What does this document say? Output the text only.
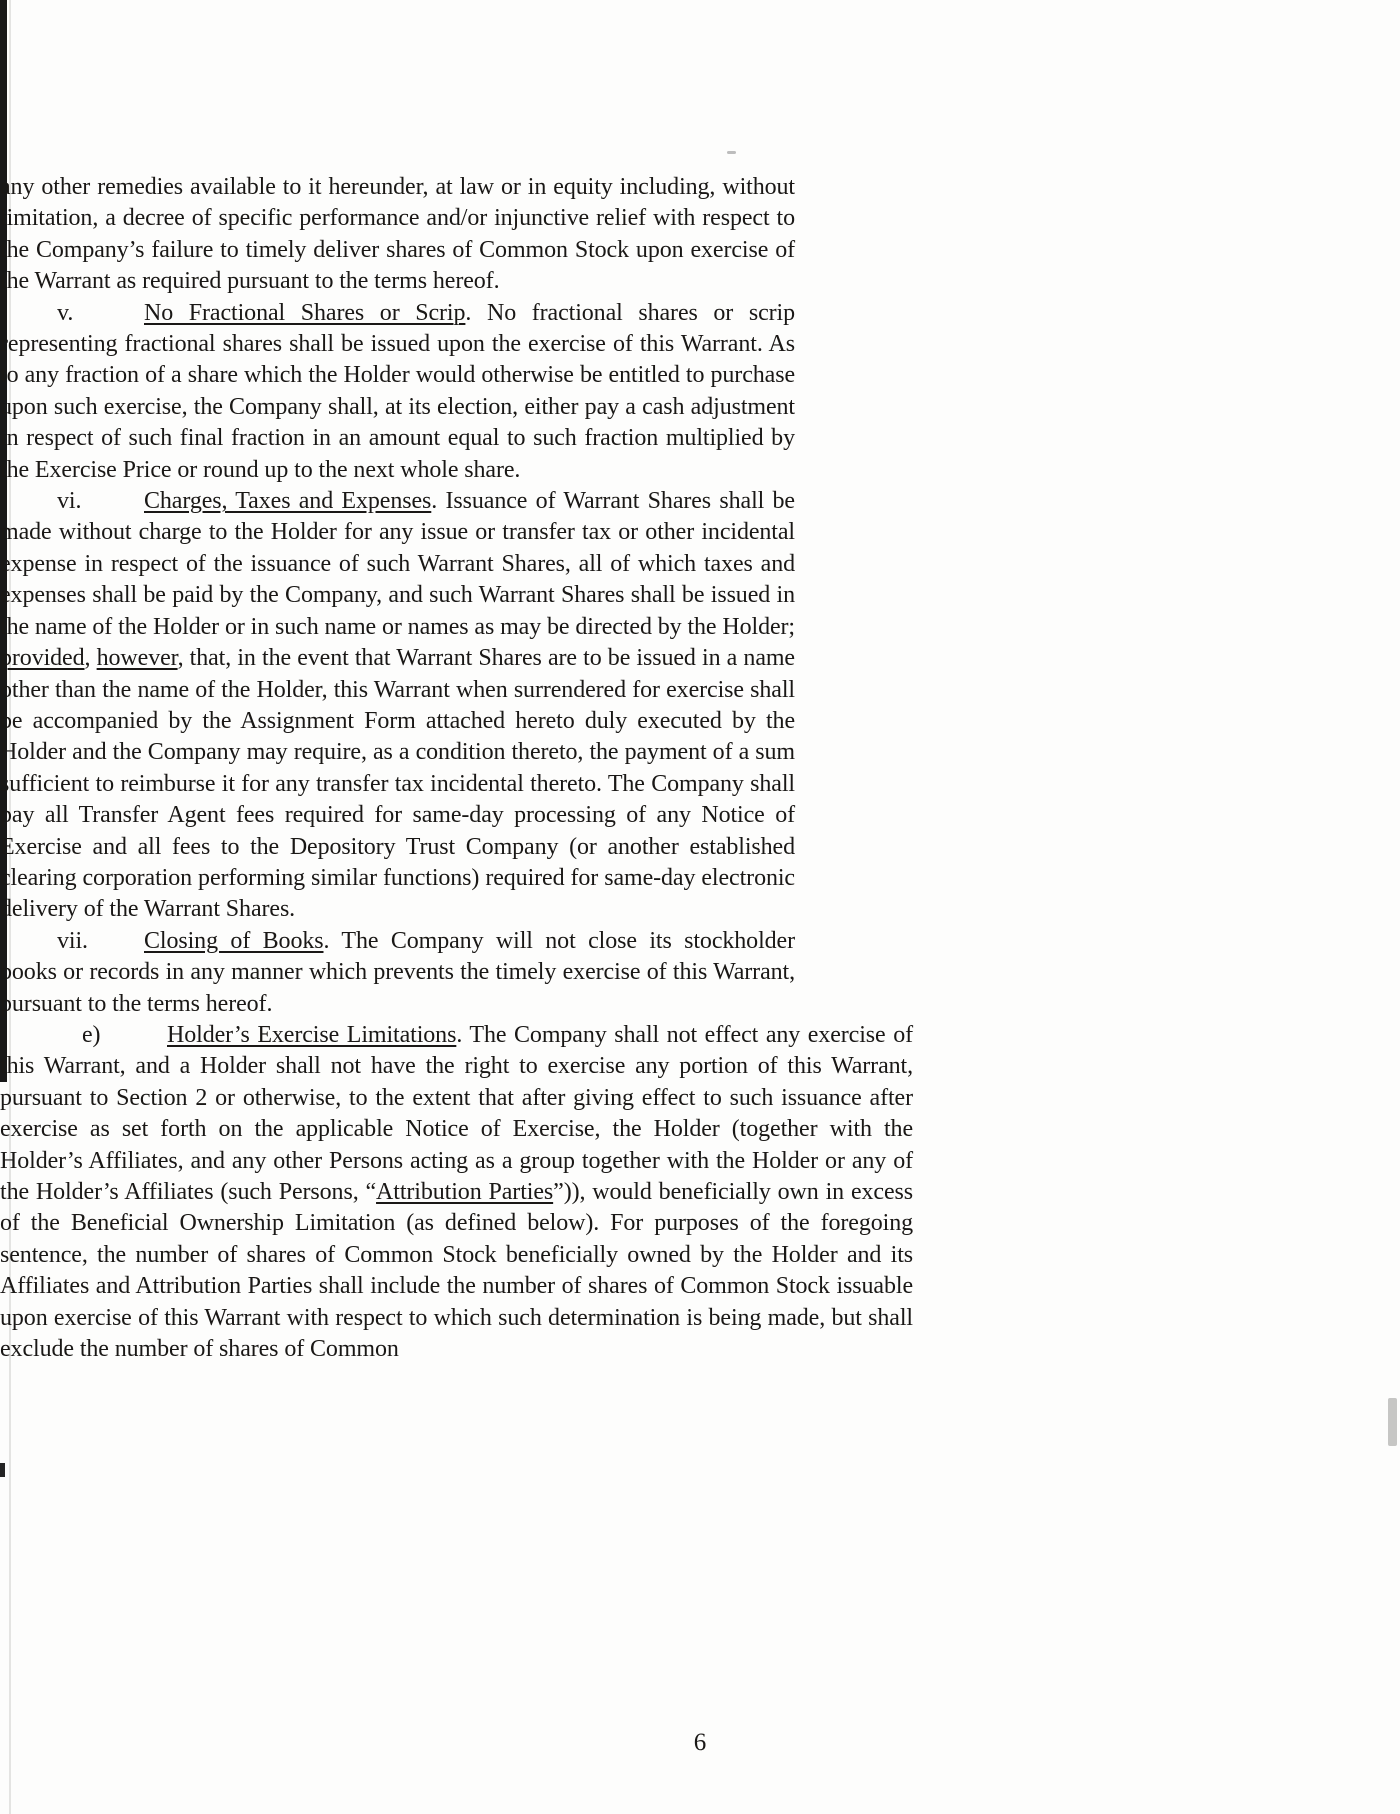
any other remedies available to it hereunder, at law or in equity including, without limitation, a decree of specific performance and/or injunctive relief with respect to the Company’s failure to timely deliver shares of Common Stock upon exercise of the Warrant as required pursuant to the terms hereof.

v.	No Fractional Shares or Scrip. No fractional shares or scrip representing fractional shares shall be issued upon the exercise of this Warrant. As to any fraction of a share which the Holder would otherwise be entitled to purchase upon such exercise, the Company shall, at its election, either pay a cash adjustment in respect of such final fraction in an amount equal to such fraction multiplied by the Exercise Price or round up to the next whole share.

vi.	Charges, Taxes and Expenses. Issuance of Warrant Shares shall be made without charge to the Holder for any issue or transfer tax or other incidental expense in respect of the issuance of such Warrant Shares, all of which taxes and expenses shall be paid by the Company, and such Warrant Shares shall be issued in the name of the Holder or in such name or names as may be directed by the Holder; provided, however, that, in the event that Warrant Shares are to be issued in a name other than the name of the Holder, this Warrant when surrendered for exercise shall be accompanied by the Assignment Form attached hereto duly executed by the Holder and the Company may require, as a condition thereto, the payment of a sum sufficient to reimburse it for any transfer tax incidental thereto. The Company shall pay all Transfer Agent fees required for same-day processing of any Notice of Exercise and all fees to the Depository Trust Company (or another established clearing corporation performing similar functions) required for same-day electronic delivery of the Warrant Shares.

vii. Closing of Books. The Company will not close its stockholder books or records in any manner which prevents the timely exercise of this Warrant, pursuant to the terms hereof.

e)	Holder’s Exercise Limitations. The Company shall not effect any exercise of this Warrant, and a Holder shall not have the right to exercise any portion of this Warrant, pursuant to Section 2 or otherwise, to the extent that after giving effect to such issuance after exercise as set forth on the applicable Notice of Exercise, the Holder (together with the Holder’s Affiliates, and any other Persons acting as a group together with the Holder or any of the Holder’s Affiliates (such Persons, “Attribution Parties”)), would beneficially own in excess of the Beneficial Ownership Limitation (as defined below). For purposes of the foregoing sentence, the number of shares of Common Stock beneficially owned by the Holder and its Affiliates and Attribution Parties shall include the number of shares of Common Stock issuable upon exercise of this Warrant with respect to which such determination is being made, but shall exclude the number of shares of Common

6
